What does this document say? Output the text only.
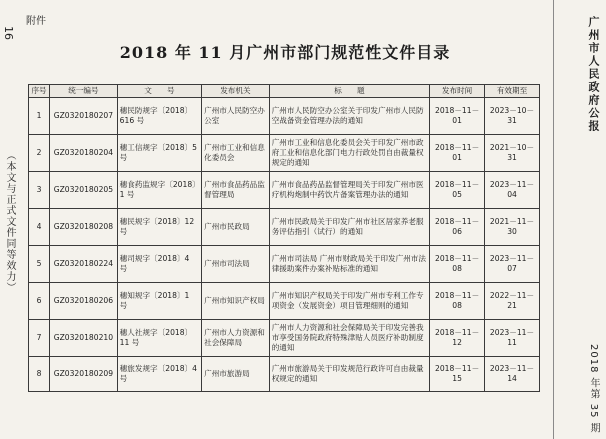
16
（本文与正式文件同等效力）
广州市人民政府公报
2018 年第 35 期
附件
2018 年 11 月广州市部门规范性文件目录
序号	统一编号	文　　号	发布机关	标　　题	发布时间	有效期至
1	GZ0320180207	穗民防规字〔2018〕616 号	广州市人民防空办公室	广州市人民防空办公室关于印发广州市人民防空战备资金管理办法的通知	2018－11－01	2023－10－31
2	GZ0320180204	穗工信规字〔2018〕5 号	广州市工业和信息化委员会	广州市工业和信息化委员会关于印发广州市政府工业和信息化部门电力行政处罚自由裁量权规定的通知	2018－11－01	2021－10－31
3	GZ0320180205	穗食药监规字〔2018〕1 号	广州市食品药品监督管理局	广州市食品药品监督管理局关于印发广州市医疗机构炮制中药饮片备案管理办法的通知	2018－11－05	2023－11－04
4	GZ0320180208	穗民规字〔2018〕12 号	广州市民政局	广州市民政局关于印发广州市社区居家养老服务评估指引（试行）的通知	2018－11－06	2021－11－30
5	GZ0320180224	穗司规字〔2018〕4 号	广州市司法局	广州市司法局 广州市财政局关于印发广州市法律援助案件办案补贴标准的通知	2018－11－08	2023－11－07
6	GZ0320180206	穗知规字〔2018〕1 号	广州市知识产权局	广州市知识产权局关于印发广州市专利工作专项资金（发展资金）项目管理细则的通知	2018－11－08	2022－11－21
7	GZ0320180210	穗人社规字〔2018〕11 号	广州市人力资源和社会保障局	广州市人力资源和社会保障局关于印发完善我市享受国务院政府特殊津贴人员医疗补助制度的通知	2018－11－12	2023－11－11
8	GZ0320180209	穗旅发规字〔2018〕4 号	广州市旅游局	广州市旅游局关于印发规范行政许可自由裁量权规定的通知	2018－11－15	2023－11－14
